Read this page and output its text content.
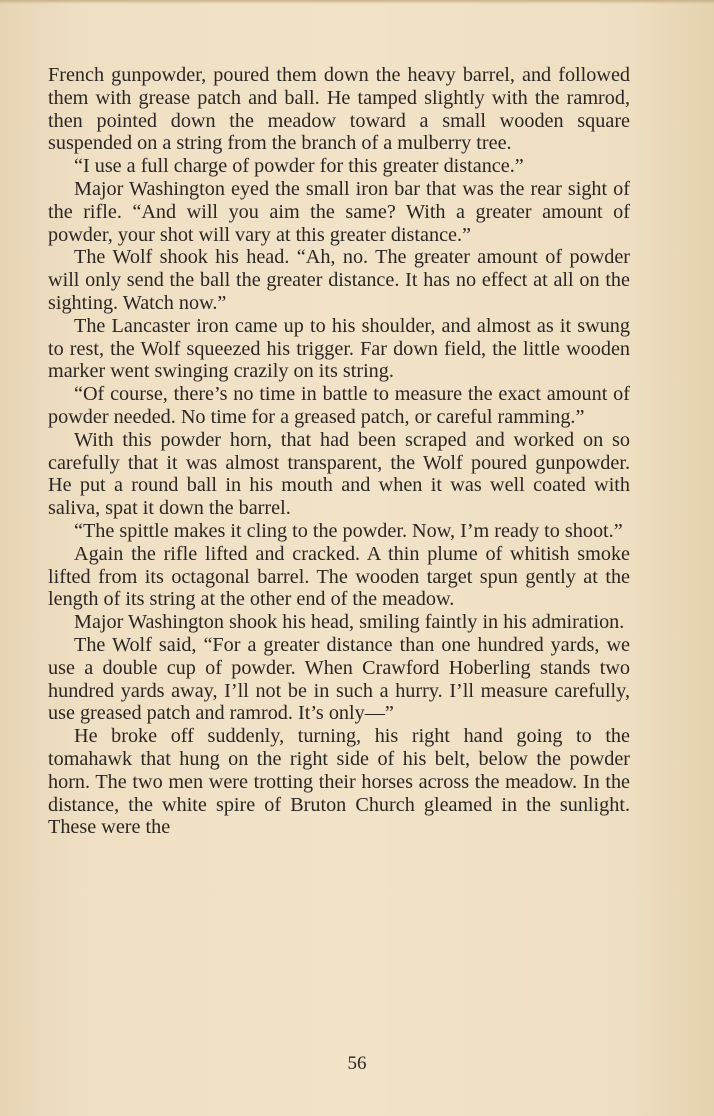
French gunpowder, poured them down the heavy barrel, and followed them with grease patch and ball. He tamped slightly with the ramrod, then pointed down the meadow toward a small wooden square suspended on a string from the branch of a mulberry tree.

“I use a full charge of powder for this greater distance.”

Major Washington eyed the small iron bar that was the rear sight of the rifle. “And will you aim the same? With a greater amount of powder, your shot will vary at this greater distance.”

The Wolf shook his head. “Ah, no. The greater amount of powder will only send the ball the greater distance. It has no effect at all on the sighting. Watch now.”

The Lancaster iron came up to his shoulder, and almost as it swung to rest, the Wolf squeezed his trigger. Far down field, the little wooden marker went swinging crazily on its string.

“Of course, there’s no time in battle to measure the exact amount of powder needed. No time for a greased patch, or careful ramming.”

With this powder horn, that had been scraped and worked on so carefully that it was almost transparent, the Wolf poured gunpowder. He put a round ball in his mouth and when it was well coated with saliva, spat it down the barrel.

“The spittle makes it cling to the powder. Now, I’m ready to shoot.”

Again the rifle lifted and cracked. A thin plume of whitish smoke lifted from its octagonal barrel. The wooden target spun gently at the length of its string at the other end of the meadow.

Major Washington shook his head, smiling faintly in his admiration.

The Wolf said, “For a greater distance than one hundred yards, we use a double cup of powder. When Crawford Hoberling stands two hundred yards away, I’ll not be in such a hurry. I’ll measure carefully, use greased patch and ramrod. It’s only—”

He broke off suddenly, turning, his right hand going to the tomahawk that hung on the right side of his belt, below the powder horn. The two men were trotting their horses across the meadow. In the distance, the white spire of Bruton Church gleamed in the sunlight. These were the

56
